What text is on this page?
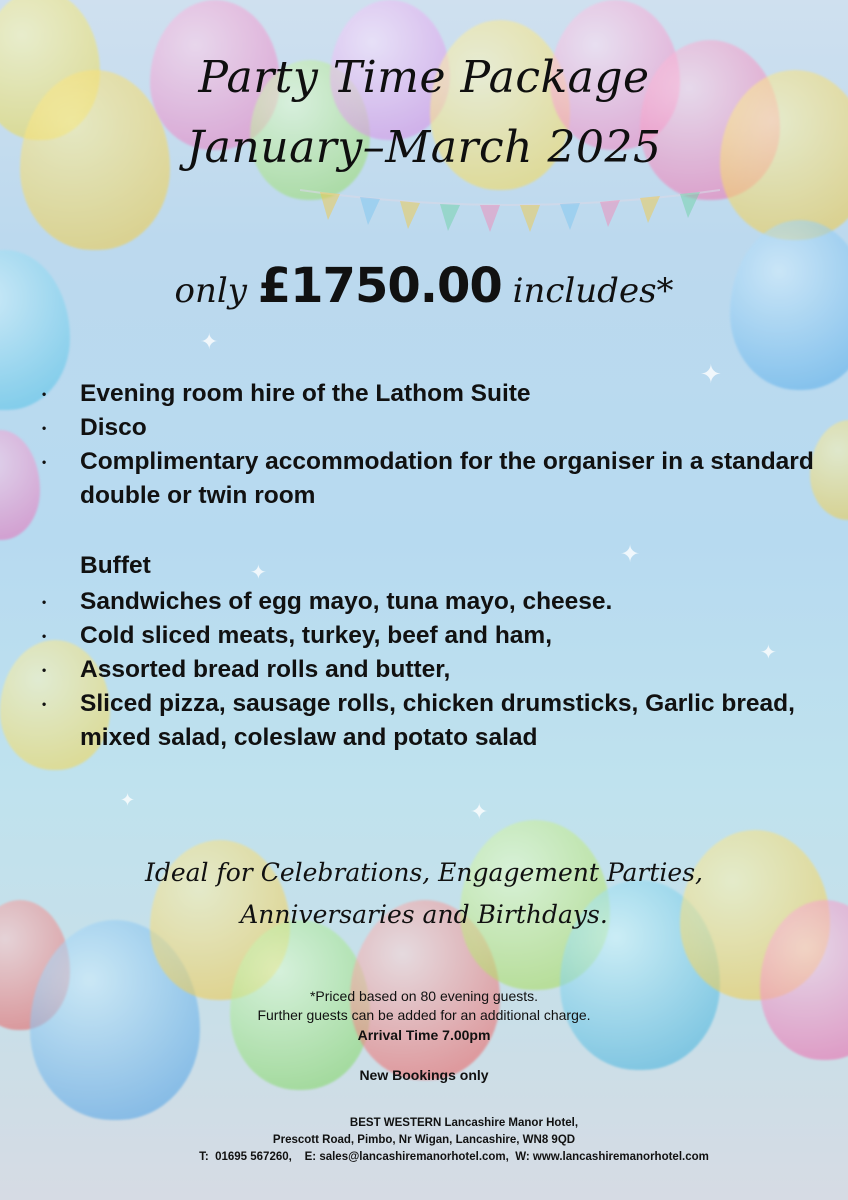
✦
✦
✦
✦
✦
✦
✦
Party Time Package
January–March 2025
only £1750.00 includes*
• Evening room hire of the Lathom Suite
• Disco
• Complimentary accommodation for the organiser in a standard double or twin room
Buffet
• Sandwiches of egg mayo, tuna mayo, cheese.
• Cold sliced meats, turkey, beef and ham,
• Assorted bread rolls and butter,
• Sliced pizza, sausage rolls, chicken drumsticks, Garlic bread, mixed salad, coleslaw and potato salad
Ideal for Celebrations, Engagement Parties,
Anniversaries and Birthdays.
*Priced based on 80 evening guests.
Further guests can be added for an additional charge.
Arrival Time 7.00pm
New Bookings only
BEST WESTERN Lancashire Manor Hotel,
Prescott Road, Pimbo, Nr Wigan, Lancashire, WN8 9QD
T:  01695 567260,    E: sales@lancashiremanorhotel.com,  W: www.lancashiremanorhotel.com
